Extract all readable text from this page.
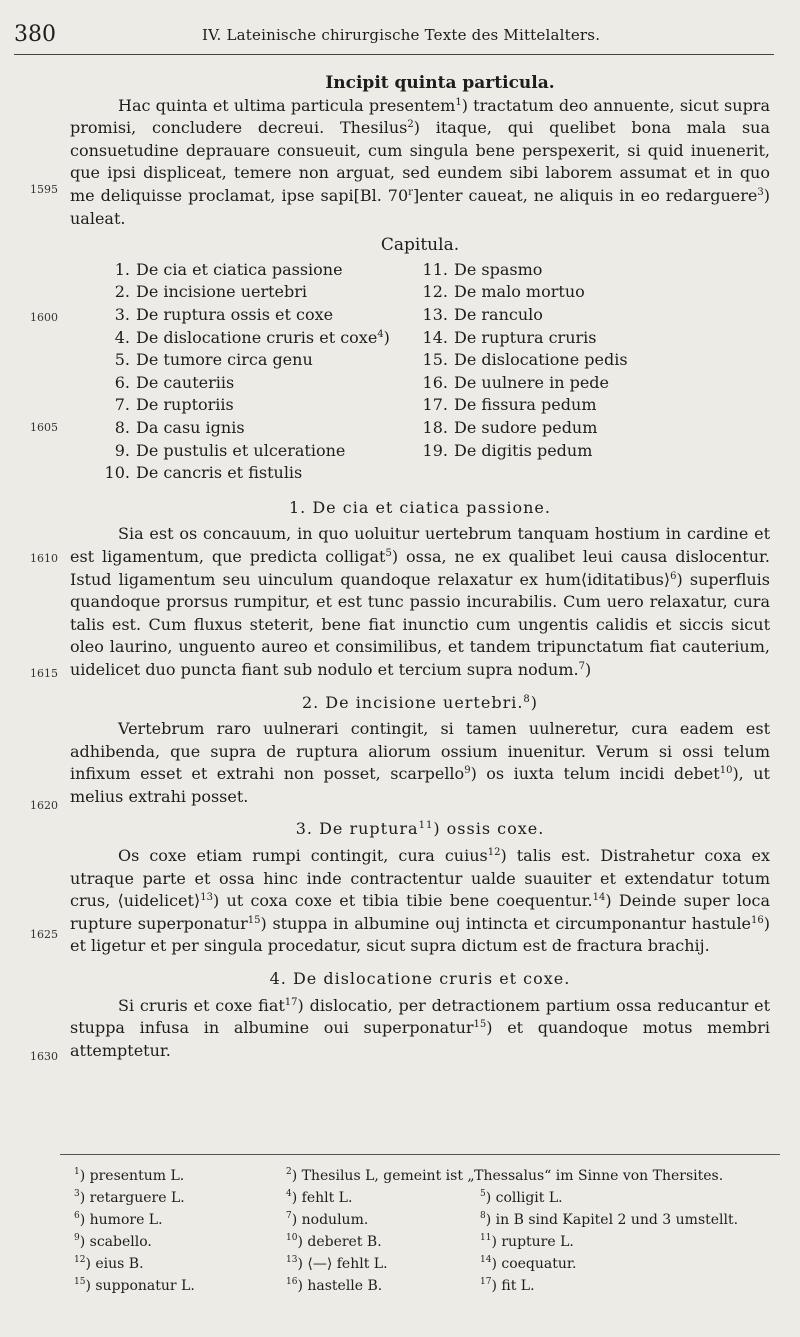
380	IV. Lateinische chirurgische Texte des Mittelalters.
1595
1600
1605
1610
1615
1620
1625
1630
Incipit quinta particula.

Hac quinta et ultima particula presentem$^1$) tractatum deo annuente, sicut supra promisi, concludere decreui. Thesilus$^2$) itaque, qui quelibet bona mala sua consuetudine deprauare consueuit, cum singula bene perspexerit, si quid inuenerit, que ipsi displiceat, temere non arguat, sed eundem sibi laborem assumat et in quo me deliquisse proclamat, ipse sapi[Bl. 70$^r$]enter caueat, ne aliquis in eo redarguere$^3$) ualeat.

Capitula.
1. De cia et ciatica passione
2. De incisione uertebri
3. De ruptura ossis et coxe
4. De dislocatione cruris et coxe$^4$)
5. De tumore circa genu
6. De cauteriis
7. De ruptoriis
8. Da casu ignis
9. De pustulis et ulceratione
10. De cancris et fistulis
11. De spasmo
12. De malo mortuo
13. De ranculo
14. De ruptura cruris
15. De dislocatione pedis
16. De uulnere in pede
17. De fissura pedum
18. De sudore pedum
19. De digitis pedum
1. De cia et ciatica passione.

Sia est os concauum, in quo uoluitur uertebrum tanquam hostium in cardine et est ligamentum, que predicta colligat$^5$) ossa, ne ex qualibet leui causa dislocentur. Istud ligamentum seu uinculum quandoque relaxatur ex hum⟨iditatibus⟩$^6$) superfluis quandoque prorsus rumpitur, et est tunc passio incurabilis. Cum uero relaxatur, cura talis est. Cum fluxus steterit, bene fiat inunctio cum ungentis calidis et siccis sicut oleo laurino, unguento aureo et consimilibus, et tandem tripunctatum fiat cauterium, uidelicet duo puncta fiant sub nodulo et tercium supra nodum.$^7$)

2. De incisione uertebri.$^8$)

Vertebrum raro uulnerari contingit, si tamen uulneretur, cura eadem est adhibenda, que supra de ruptura aliorum ossium inuenitur. Verum si ossi telum infixum esset et extrahi non posset, scarpello$^9$) os iuxta telum incidi debet$^{10}$), ut melius extrahi posset.

3. De ruptura$^{11}$) ossis coxe.

Os coxe etiam rumpi contingit, cura cuius$^{12}$) talis est. Distrahetur coxa ex utraque parte et ossa hinc inde contractentur ualde suauiter et extendatur totum crus, ⟨uidelicet⟩$^{13}$) ut coxa coxe et tibia tibie bene coequentur.$^{14}$) Deinde super loca rupture superponatur$^{15}$) stuppa in albumine ouj intincta et circumponantur hastule$^{16}$) et ligetur et per singula procedatur, sicut supra dictum est de fractura brachij.

4. De dislocatione cruris et coxe.

Si cruris et coxe fiat$^{17}$) dislocatio, per detractionem partium ossa reducantur et stuppa infusa in albumine oui superponatur$^{15}$) et quandoque motus membri attemptetur.

$^1$) presentum L.	$^2$) Thesilus L, gemeint ist „Thessalus“ im Sinne von Thersites.
$^3$) retarguere L.	$^4$) fehlt L.	$^5$) colligit L.
$^6$) humore L.	$^7$) nodulum.	$^8$) in B sind Kapitel 2 und 3 umstellt.
$^9$) scabello.	$^{10}$) deberet B.	$^{11}$) rupture L.
$^{12}$) eius B.	$^{13}$) ⟨—⟩ fehlt L.	$^{14}$) coequatur.
$^{15}$) supponatur L.	$^{16}$) hastelle B.	$^{17}$) fit L.
